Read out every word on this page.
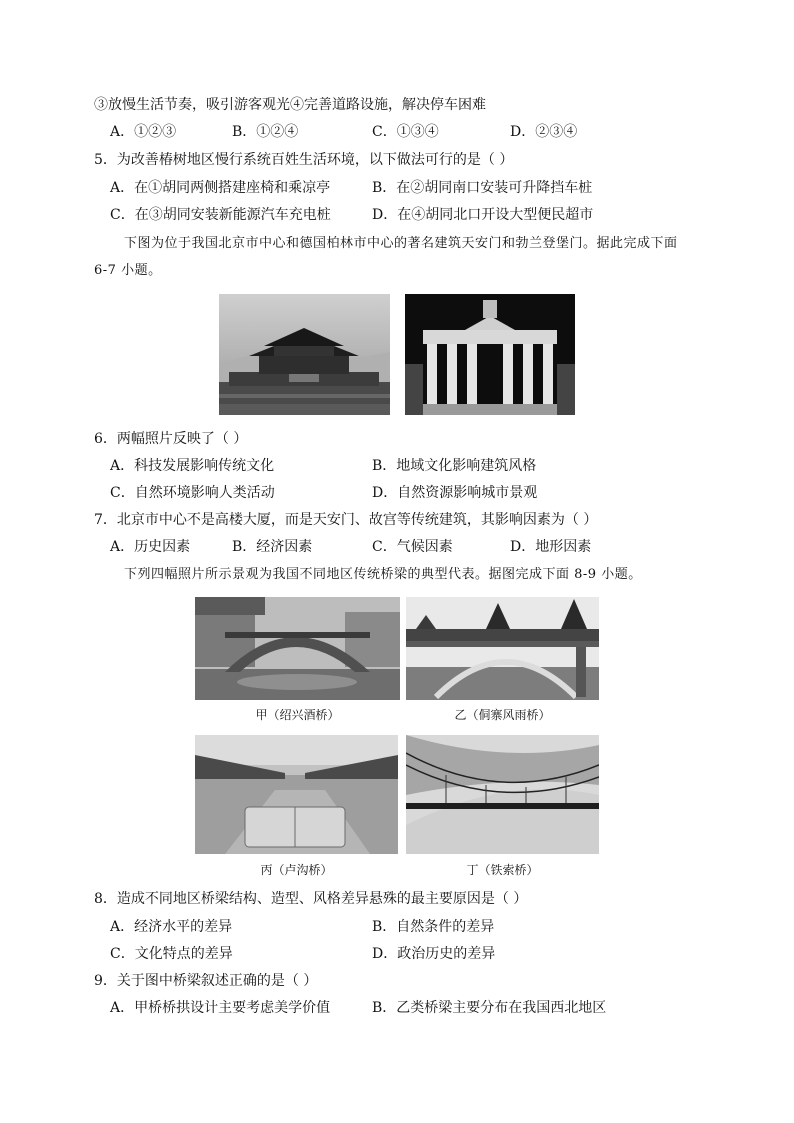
③放慢生活节奏，吸引游客观光④完善道路设施，解决停车困难
A．①②③	B．①②④	C．①③④	D．②③④
5．为改善椿树地区慢行系统百姓生活环境，以下做法可行的是（ ）
A．在①胡同两侧搭建座椅和乘凉亭	B．在②胡同南口安装可升降挡车桩
C．在③胡同安装新能源汽车充电桩	D．在④胡同北口开设大型便民超市
下图为位于我国北京市中心和德国柏林市中心的著名建筑天安门和勃兰登堡门。据此完成下面
6-7 小题。
6．两幅照片反映了（ ）
A．科技发展影响传统文化	B．地域文化影响建筑风格
C．自然环境影响人类活动	D．自然资源影响城市景观
7．北京市中心不是高楼大厦，而是天安门、故宫等传统建筑，其影响因素为（ ）
A．历史因素	B．经济因素	C．气候因素	D．地形因素
下列四幅照片所示景观为我国不同地区传统桥梁的典型代表。据图完成下面 8-9 小题。
甲（绍兴酒桥）	乙（侗寨风雨桥）
丙（卢沟桥）	丁（铁索桥）
8．造成不同地区桥梁结构、造型、风格差异悬殊的最主要原因是（ ）
A．经济水平的差异	B．自然条件的差异
C．文化特点的差异	D．政治历史的差异
9．关于图中桥梁叙述正确的是（ ）
A．甲桥桥拱设计主要考虑美学价值	B．乙类桥梁主要分布在我国西北地区
